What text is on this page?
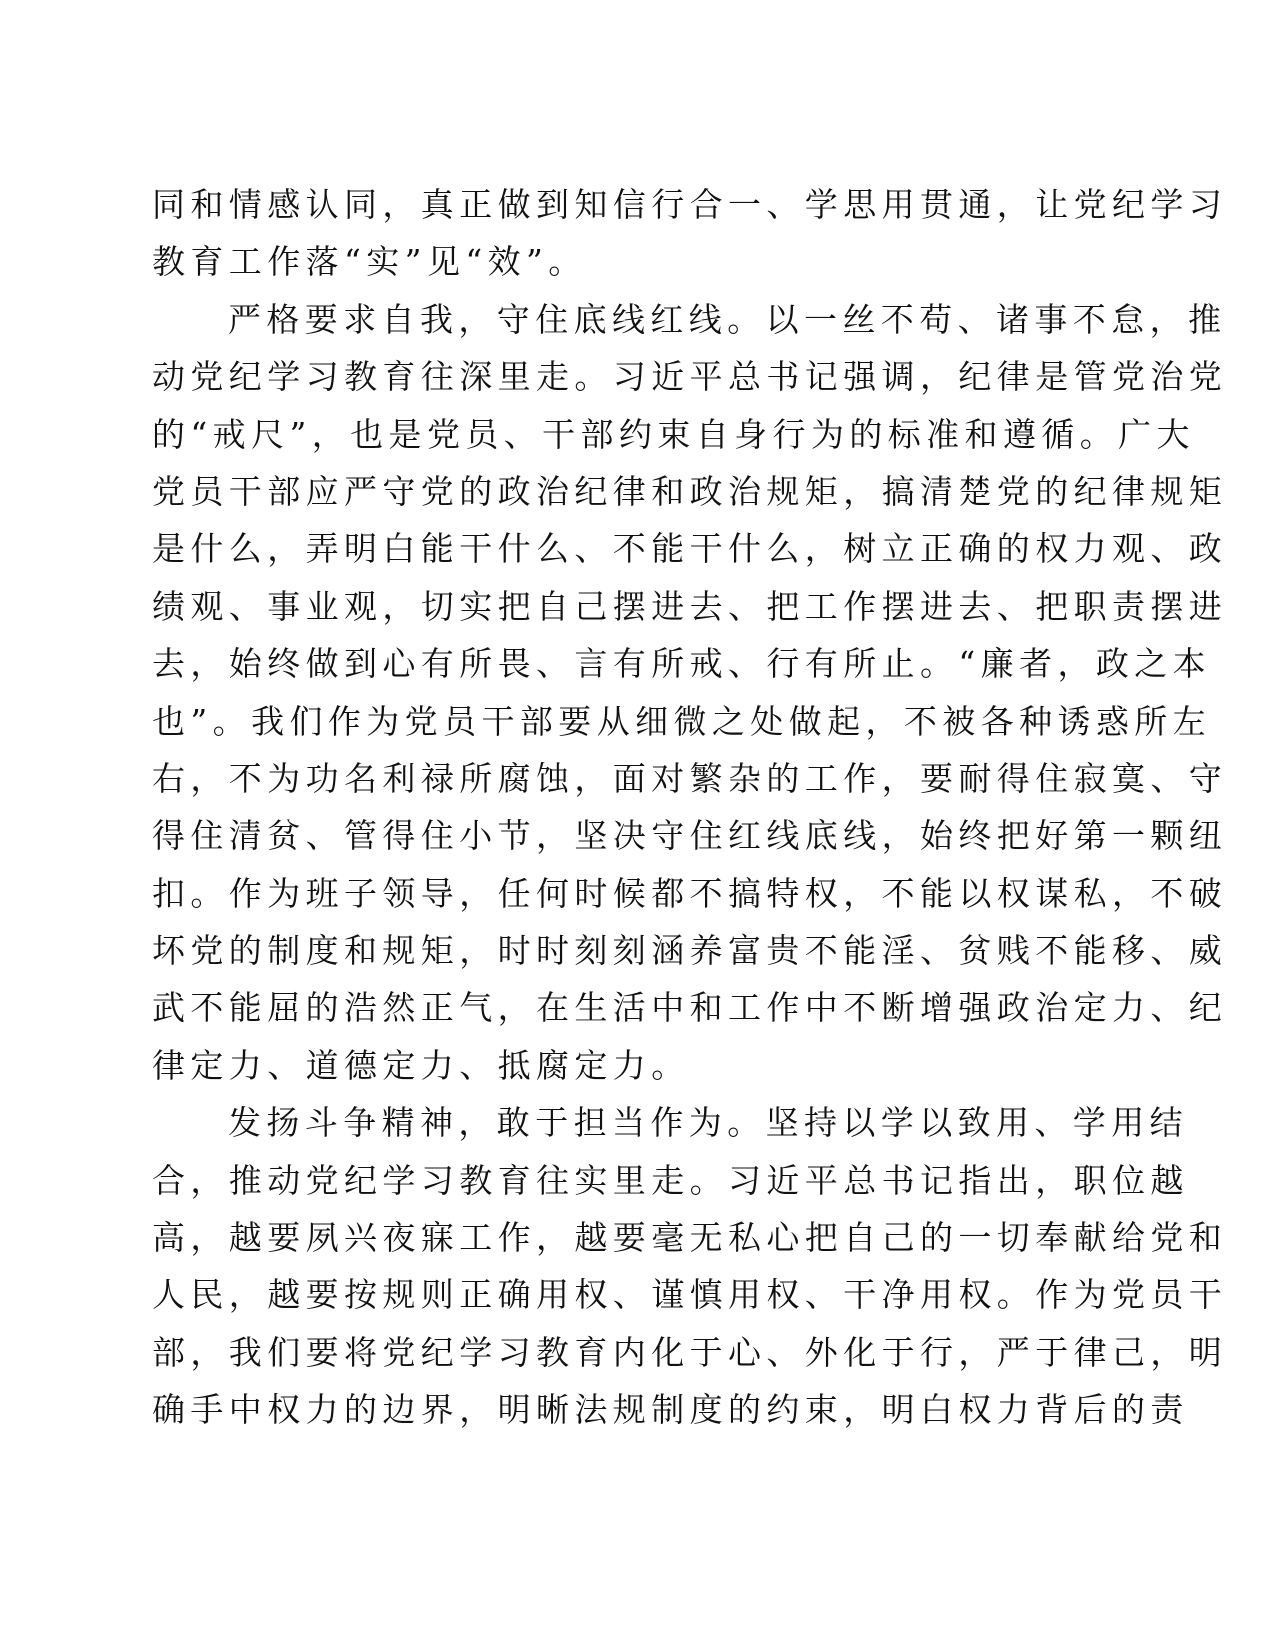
同和情感认同，真正做到知信行合一、学思用贯通，让党纪学习
教育工作落“实”见“效”。
严格要求自我，守住底线红线。以一丝不苟、诸事不怠，推
动党纪学习教育往深里走。习近平总书记强调，纪律是管党治党
的“戒尺”，也是党员、干部约束自身行为的标准和遵循。广大
党员干部应严守党的政治纪律和政治规矩，搞清楚党的纪律规矩
是什么，弄明白能干什么、不能干什么，树立正确的权力观、政
绩观、事业观，切实把自己摆进去、把工作摆进去、把职责摆进
去，始终做到心有所畏、言有所戒、行有所止。“廉者，政之本
也”。我们作为党员干部要从细微之处做起，不被各种诱惑所左
右，不为功名利禄所腐蚀，面对繁杂的工作，要耐得住寂寞、守
得住清贫、管得住小节，坚决守住红线底线，始终把好第一颗纽
扣。作为班子领导，任何时候都不搞特权，不能以权谋私，不破
坏党的制度和规矩，时时刻刻涵养富贵不能淫、贫贱不能移、威
武不能屈的浩然正气，在生活中和工作中不断增强政治定力、纪
律定力、道德定力、抵腐定力。
发扬斗争精神，敢于担当作为。坚持以学以致用、学用结
合，推动党纪学习教育往实里走。习近平总书记指出，职位越
高，越要夙兴夜寐工作，越要毫无私心把自己的一切奉献给党和
人民，越要按规则正确用权、谨慎用权、干净用权。作为党员干
部，我们要将党纪学习教育内化于心、外化于行，严于律己，明
确手中权力的边界，明晰法规制度的约束，明白权力背后的责
